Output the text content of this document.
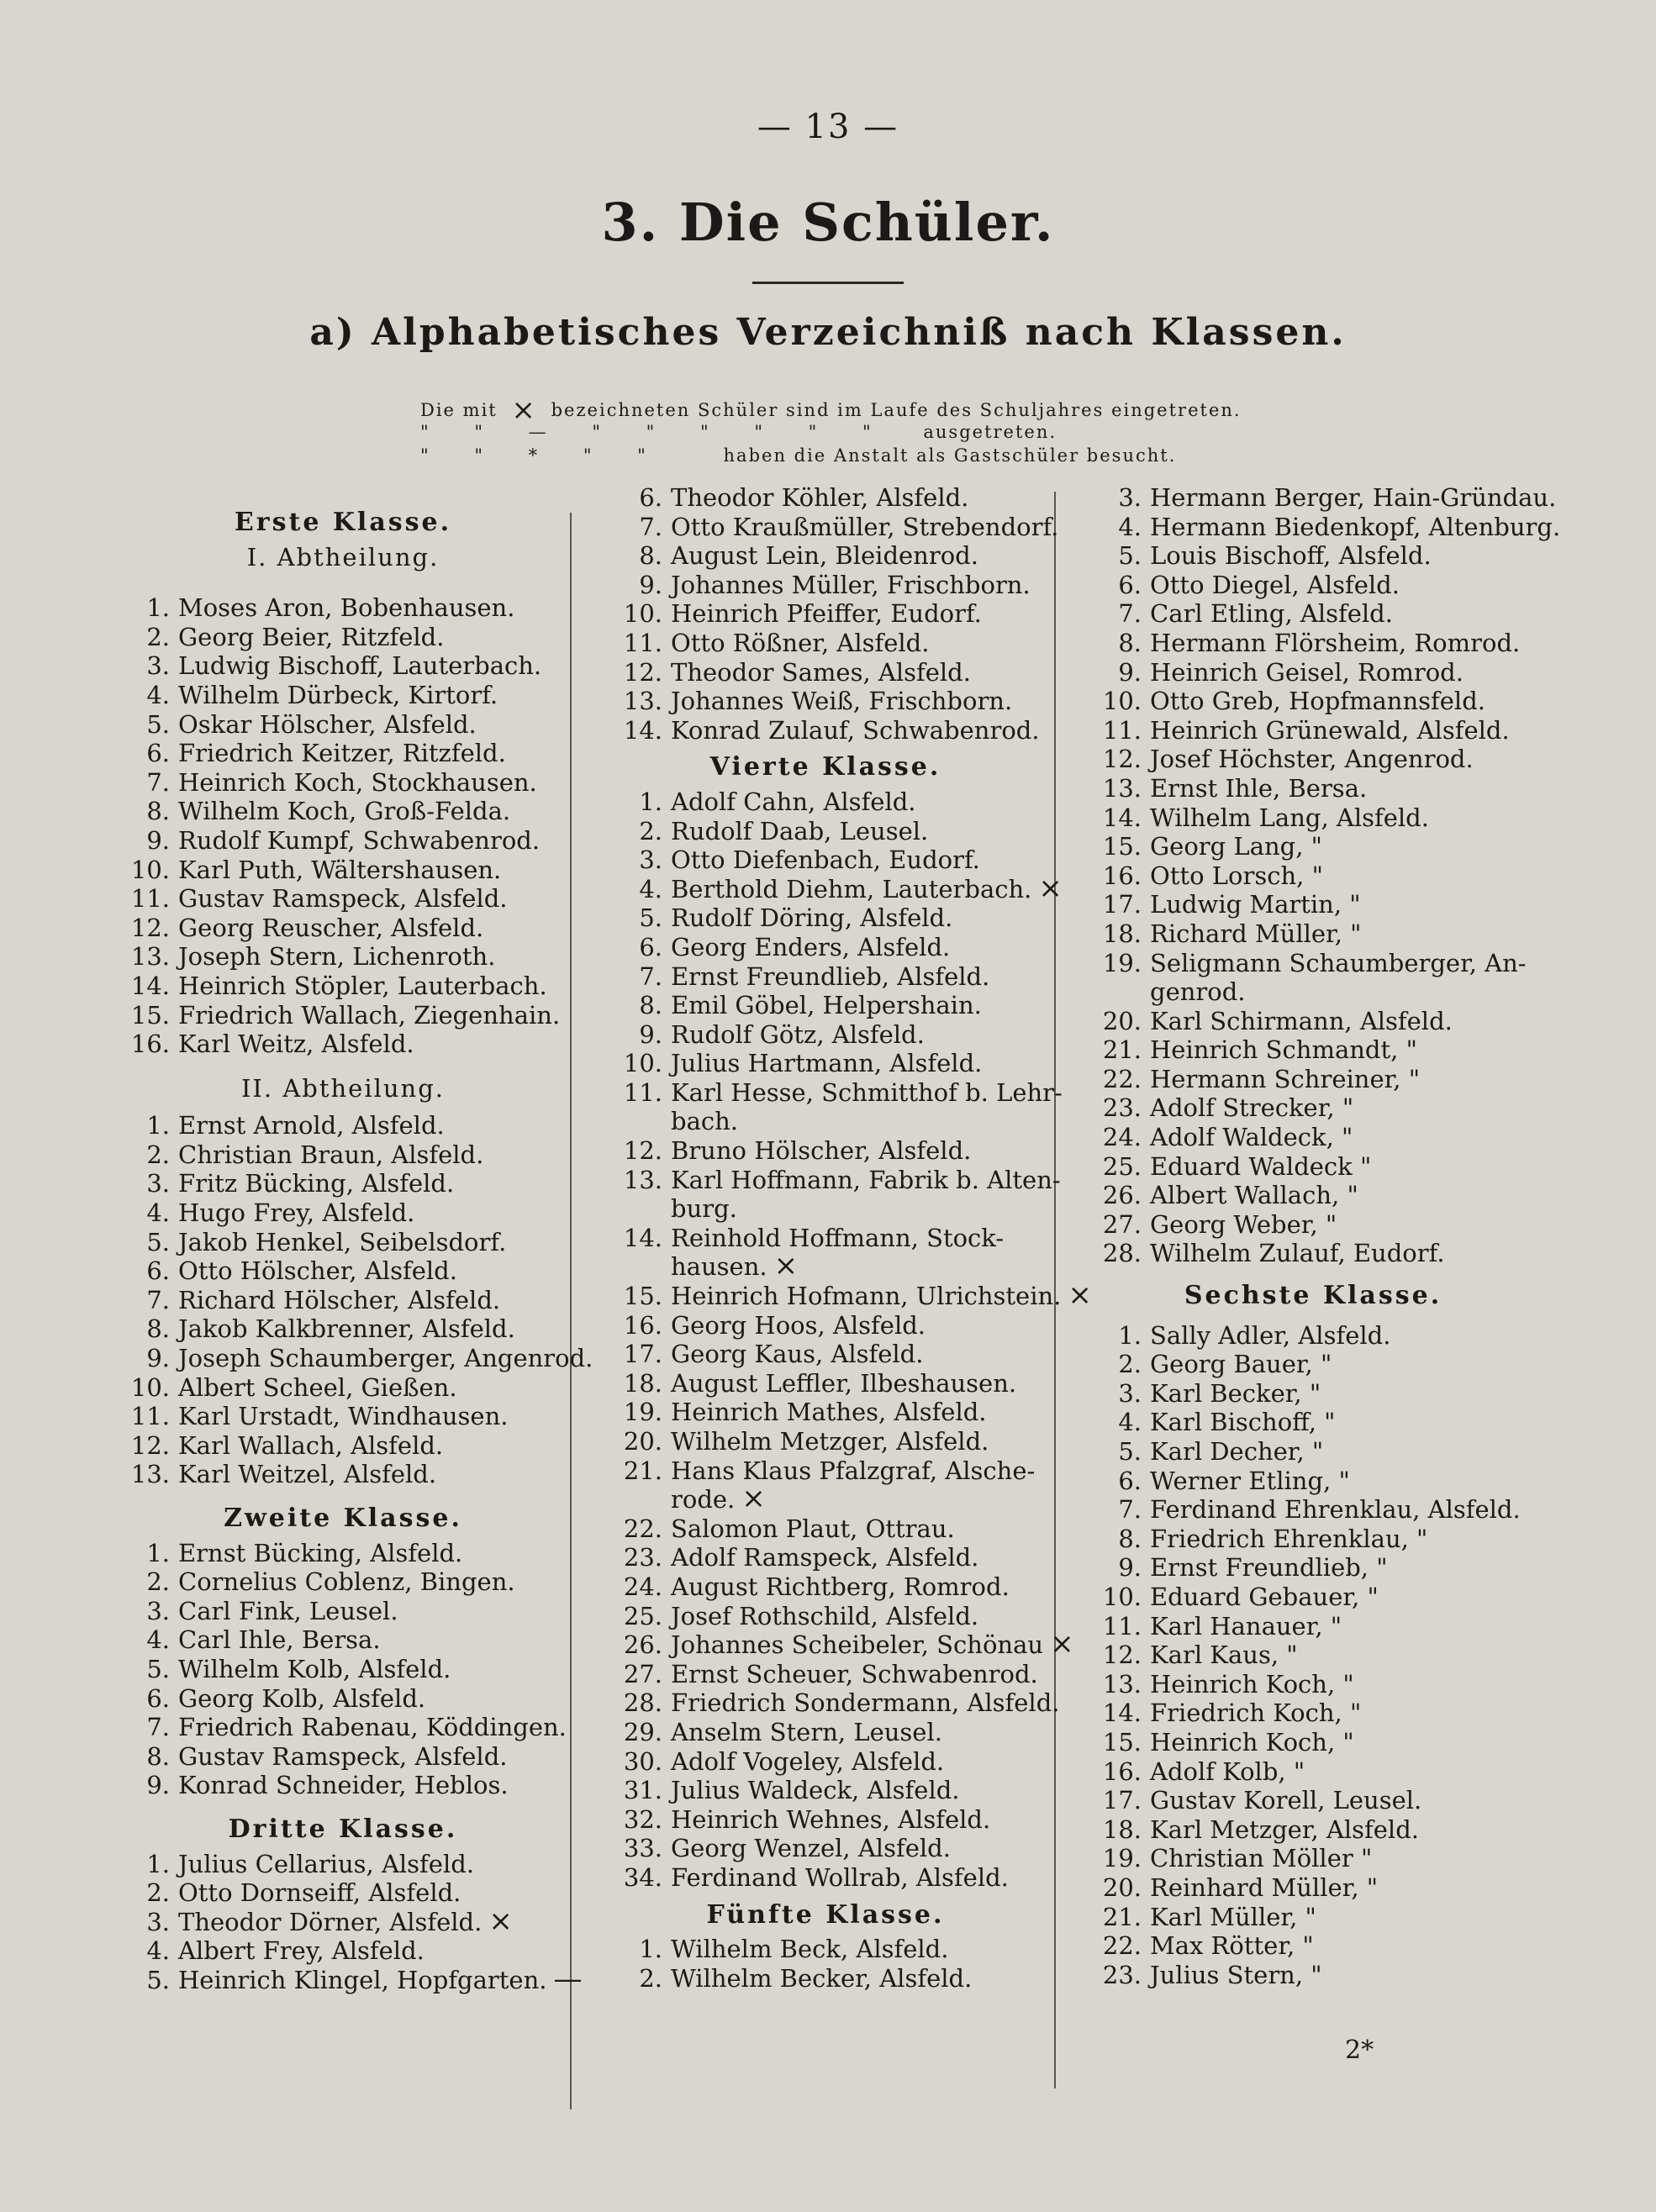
— 13 —
3. Die Schüler.
a) Alphabetisches Verzeichniß nach Klassen.
Die mit × bezeichneten Schüler sind im Laufe des Schuljahres eingetreten.
" " — " " " " " " ausgetreten.
" " * " "	haben die Anstalt als Gastschüler besucht.
Erste Klasse.
I. Abtheilung.
1. Moses Aron, Bobenhausen.
2. Georg Beier, Ritzfeld.
3. Ludwig Bischoff, Lauterbach.
4. Wilhelm Dürbeck, Kirtorf.
5. Oskar Hölscher, Alsfeld.
6. Friedrich Keitzer, Ritzfeld.
7. Heinrich Koch, Stockhausen.
8. Wilhelm Koch, Groß-Felda.
9. Rudolf Kumpf, Schwabenrod.
10. Karl Puth, Wältershausen.
11. Gustav Ramspeck, Alsfeld.
12. Georg Reuscher, Alsfeld.
13. Joseph Stern, Lichenroth.
14. Heinrich Stöpler, Lauterbach.
15. Friedrich Wallach, Ziegenhain.
16. Karl Weitz, Alsfeld.
II. Abtheilung.
1. Ernst Arnold, Alsfeld.
2. Christian Braun, Alsfeld.
3. Fritz Bücking, Alsfeld.
4. Hugo Frey, Alsfeld.
5. Jakob Henkel, Seibelsdorf.
6. Otto Hölscher, Alsfeld.
7. Richard Hölscher, Alsfeld.
8. Jakob Kalkbrenner, Alsfeld.
9. Joseph Schaumberger, Angenrod.
10. Albert Scheel, Gießen.
11. Karl Urstadt, Windhausen.
12. Karl Wallach, Alsfeld.
13. Karl Weitzel, Alsfeld.
Zweite Klasse.
1. Ernst Bücking, Alsfeld.
2. Cornelius Coblenz, Bingen.
3. Carl Fink, Leusel.
4. Carl Ihle, Bersa.
5. Wilhelm Kolb, Alsfeld.
6. Georg Kolb, Alsfeld.
7. Friedrich Rabenau, Köddingen.
8. Gustav Ramspeck, Alsfeld.
9. Konrad Schneider, Heblos.
Dritte Klasse.
1. Julius Cellarius, Alsfeld.
2. Otto Dornseiff, Alsfeld.
3. Theodor Dörner, Alsfeld. ×
4. Albert Frey, Alsfeld.
5. Heinrich Klingel, Hopfgarten. —
6. Theodor Köhler, Alsfeld.
7. Otto Kraußmüller, Strebendorf.
8. August Lein, Bleidenrod.
9. Johannes Müller, Frischborn.
10. Heinrich Pfeiffer, Eudorf.
11. Otto Rößner, Alsfeld.
12. Theodor Sames, Alsfeld.
13. Johannes Weiß, Frischborn.
14. Konrad Zulauf, Schwabenrod.
Vierte Klasse.
1. Adolf Cahn, Alsfeld.
2. Rudolf Daab, Leusel.
3. Otto Diefenbach, Eudorf.
4. Berthold Diehm, Lauterbach. ×
5. Rudolf Döring, Alsfeld.
6. Georg Enders, Alsfeld.
7. Ernst Freundlieb, Alsfeld.
8. Emil Göbel, Helpershain.
9. Rudolf Götz, Alsfeld.
10. Julius Hartmann, Alsfeld.
11. Karl Hesse, Schmitthof b. Lehr-
bach.
12. Bruno Hölscher, Alsfeld.
13. Karl Hoffmann, Fabrik b. Alten-
burg.
14. Reinhold Hoffmann, Stock-
hausen. ×
15. Heinrich Hofmann, Ulrichstein. ×
16. Georg Hoos, Alsfeld.
17. Georg Kaus, Alsfeld.
18. August Leffler, Ilbeshausen.
19. Heinrich Mathes, Alsfeld.
20. Wilhelm Metzger, Alsfeld.
21. Hans Klaus Pfalzgraf, Alsche-
rode. ×
22. Salomon Plaut, Ottrau.
23. Adolf Ramspeck, Alsfeld.
24. August Richtberg, Romrod.
25. Josef Rothschild, Alsfeld.
26. Johannes Scheibeler, Schönau ×
27. Ernst Scheuer, Schwabenrod.
28. Friedrich Sondermann, Alsfeld.
29. Anselm Stern, Leusel.
30. Adolf Vogeley, Alsfeld.
31. Julius Waldeck, Alsfeld.
32. Heinrich Wehnes, Alsfeld.
33. Georg Wenzel, Alsfeld.
34. Ferdinand Wollrab, Alsfeld.
Fünfte Klasse.
1. Wilhelm Beck, Alsfeld.
2. Wilhelm Becker, Alsfeld.
3. Hermann Berger, Hain-Gründau.
4. Hermann Biedenkopf, Altenburg.
5. Louis Bischoff, Alsfeld.
6. Otto Diegel, Alsfeld.
7. Carl Etling, Alsfeld.
8. Hermann Flörsheim, Romrod.
9. Heinrich Geisel, Romrod.
10. Otto Greb, Hopfmannsfeld.
11. Heinrich Grünewald, Alsfeld.
12. Josef Höchster, Angenrod.
13. Ernst Ihle, Bersa.
14. Wilhelm Lang, Alsfeld.
15. Georg Lang, "
16. Otto Lorsch, "
17. Ludwig Martin, "
18. Richard Müller, "
19. Seligmann Schaumberger, An-
genrod.
20. Karl Schirmann, Alsfeld.
21. Heinrich Schmandt, "
22. Hermann Schreiner, "
23. Adolf Strecker, "
24. Adolf Waldeck, "
25. Eduard Waldeck "
26. Albert Wallach, "
27. Georg Weber, "
28. Wilhelm Zulauf, Eudorf.
Sechste Klasse.
1. Sally Adler, Alsfeld.
2. Georg Bauer, "
3. Karl Becker, "
4. Karl Bischoff, "
5. Karl Decher, "
6. Werner Etling, "
7. Ferdinand Ehrenklau, Alsfeld.
8. Friedrich Ehrenklau, "
9. Ernst Freundlieb, "
10. Eduard Gebauer, "
11. Karl Hanauer, "
12. Karl Kaus, "
13. Heinrich Koch, "
14. Friedrich Koch, "
15. Heinrich Koch, "
16. Adolf Kolb, "
17. Gustav Korell, Leusel.
18. Karl Metzger, Alsfeld.
19. Christian Möller "
20. Reinhard Müller, "
21. Karl Müller, "
22. Max Rötter, "
23. Julius Stern, "
2*
